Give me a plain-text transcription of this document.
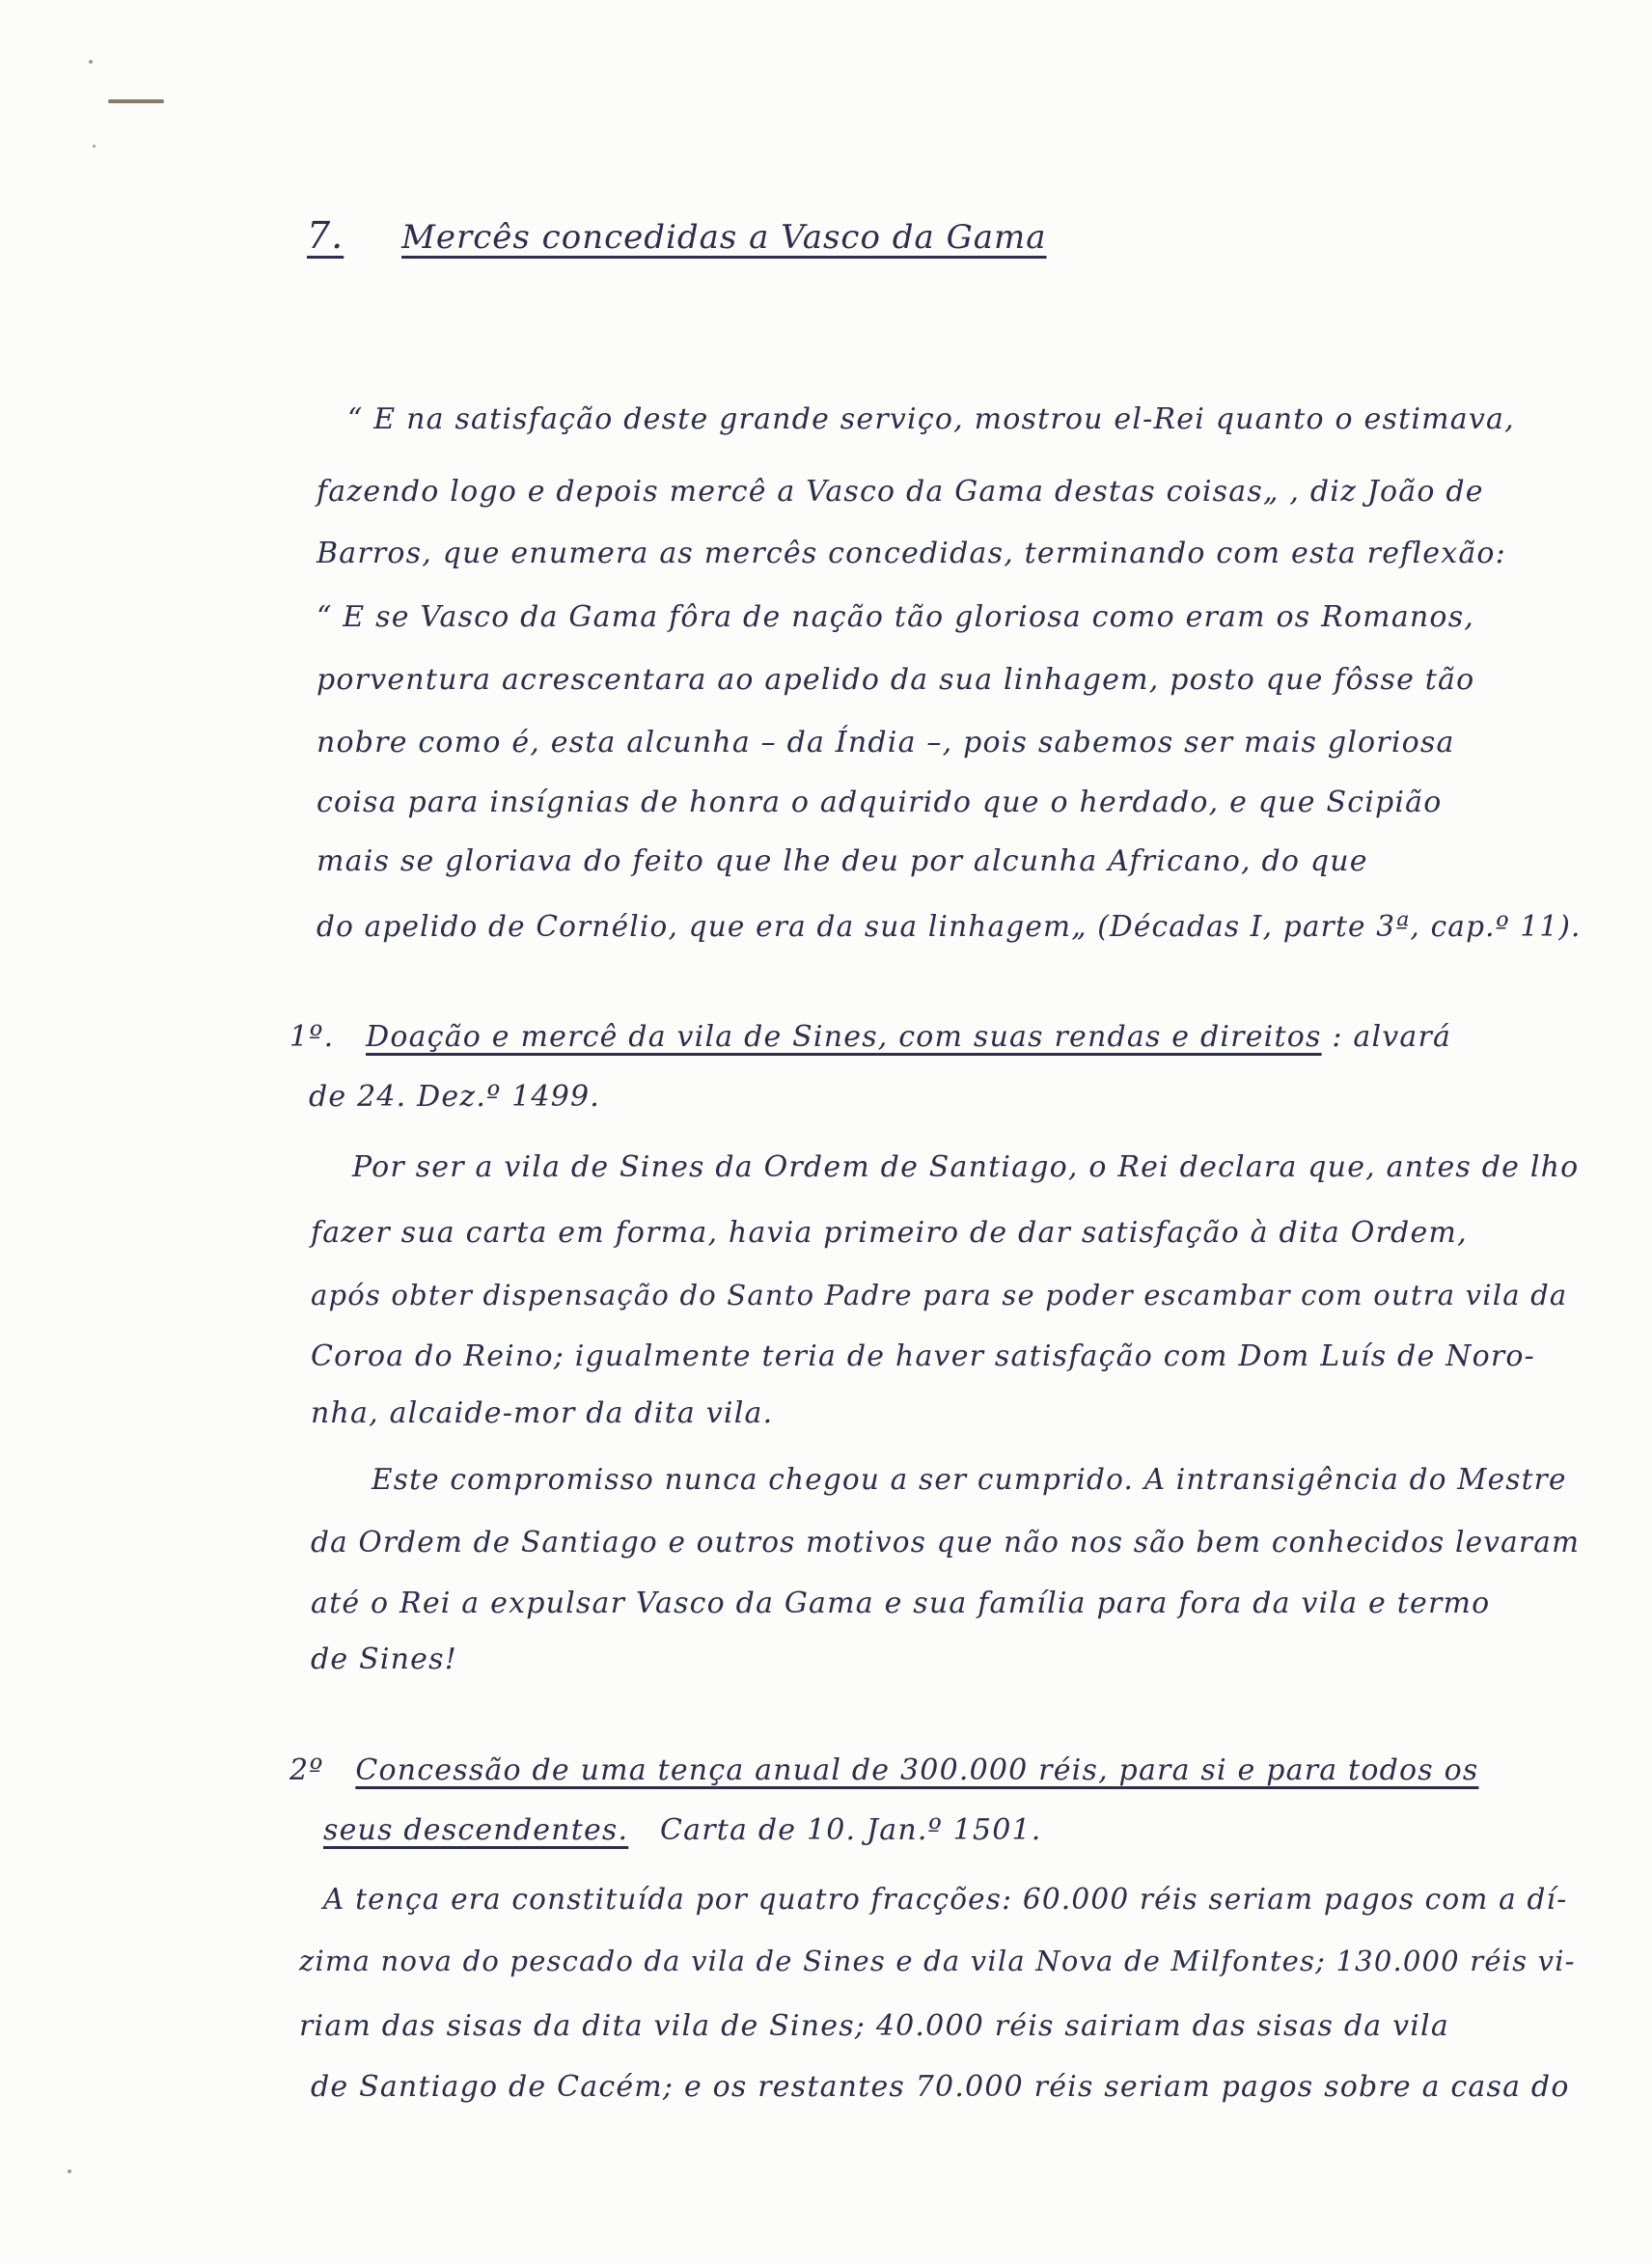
7. Mercês concedidas a Vasco da Gama
“ E na satisfação deste grande serviço, mostrou el-Rei quanto o estimava,
fazendo logo e depois mercê a Vasco da Gama destas coisas„ , diz João de
Barros, que enumera as mercês concedidas, terminando com esta reflexão:
“ E se Vasco da Gama fôra de nação tão gloriosa como eram os Romanos,
porventura acrescentara ao apelido da sua linhagem, posto que fôsse tão
nobre como é, esta alcunha – da Índia –, pois sabemos ser mais gloriosa
coisa para insígnias de honra o adquirido que o herdado, e que Scipião
mais se gloriava do feito que lhe deu por alcunha Africano, do que
do apelido de Cornélio, que era da sua linhagem„ (Décadas I, parte 3ª, cap.º 11).
1º. Doação e mercê da vila de Sines, com suas rendas e direitos : alvará
de 24. Dez.º 1499.
Por ser a vila de Sines da Ordem de Santiago, o Rei declara que, antes de lho
fazer sua carta em forma, havia primeiro de dar satisfação à dita Ordem,
após obter dispensação do Santo Padre para se poder escambar com outra vila da
Coroa do Reino; igualmente teria de haver satisfação com Dom Luís de Noro-
nha, alcaide-mor da dita vila.
Este compromisso nunca chegou a ser cumprido. A intransigência do Mestre
da Ordem de Santiago e outros motivos que não nos são bem conhecidos levaram
até o Rei a expulsar Vasco da Gama e sua família para fora da vila e termo
de Sines!
2º Concessão de uma tença anual de 300.000 réis, para si e para todos os
seus descendentes. Carta de 10. Jan.º 1501.
A tença era constituída por quatro fracções: 60.000 réis seriam pagos com a dí-
zima nova do pescado da vila de Sines e da vila Nova de Milfontes; 130.000 réis vi-
riam das sisas da dita vila de Sines; 40.000 réis sairiam das sisas da vila
de Santiago de Cacém; e os restantes 70.000 réis seriam pagos sobre a casa do
